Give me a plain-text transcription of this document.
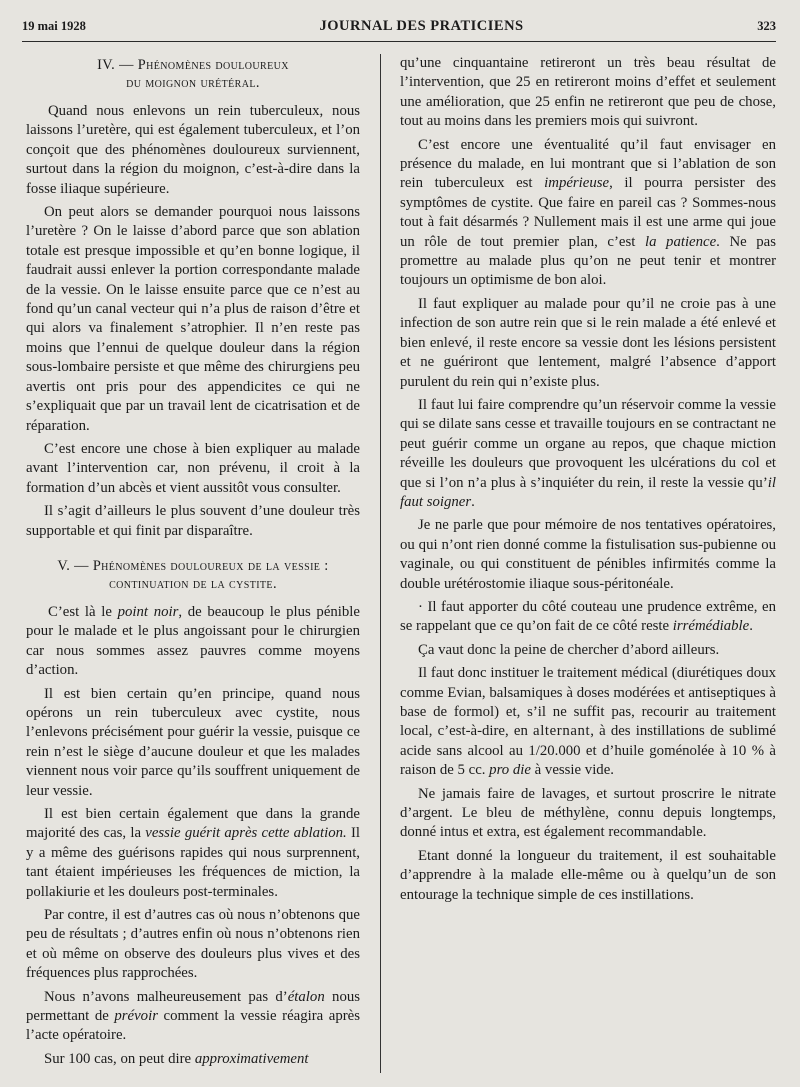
19 mai 1928	JOURNAL DES PRATICIENS	323
IV. — Phénomènes douloureux
du moignon urétéral.

Quand nous enlevons un rein tuberculeux, nous laissons l’uretère, qui est également tuberculeux, et l’on conçoit que des phénomènes douloureux surviennent, surtout dans la région du moignon, c’est-à-dire dans la fosse iliaque supérieure.

On peut alors se demander pourquoi nous laissons l’uretère ? On le laisse d’abord parce que son ablation totale est presque impossible et qu’en bonne logique, il faudrait aussi enlever la portion correspondante malade de la vessie. On le laisse ensuite parce que ce n’est au fond qu’un canal vecteur qui n’a plus de raison d’être et qui alors va finalement s’atrophier. Il n’en reste pas moins que l’ennui de quelque douleur dans la région sous-lombaire persiste et que même des chirurgiens peu avertis ont pris pour des appendicites ce qui ne s’expliquait que par un travail lent de cicatrisation et de réparation.

C’est encore une chose à bien expliquer au malade avant l’intervention car, non prévenu, il croit à la formation d’un abcès et vient aussitôt vous consulter.

Il s’agit d’ailleurs le plus souvent d’une douleur très supportable et qui finit par disparaître.

V. — Phénomènes douloureux de la vessie :
continuation de la cystite.

C’est là le point noir, de beaucoup le plus pénible pour le malade et le plus angoissant pour le chirurgien car nous sommes assez pauvres comme moyens d’action.

Il est bien certain qu’en principe, quand nous opérons un rein tuberculeux avec cystite, nous l’enlevons précisément pour guérir la vessie, puisque ce rein n’est le siège d’aucune douleur et que les malades viennent nous voir parce qu’ils souffrent uniquement de leur vessie.

Il est bien certain également que dans la grande majorité des cas, la vessie guérit après cette ablation. Il y a même des guérisons rapides qui nous surprennent, tant étaient impérieuses les fréquences de miction, la pollakiurie et les douleurs post-terminales.

Par contre, il est d’autres cas où nous n’obtenons que peu de résultats ; d’autres enfin où nous n’obtenons rien et où même on observe des douleurs plus vives et des fréquences plus rapprochées.

Nous n’avons malheureusement pas d’étalon nous permettant de prévoir comment la vessie réagira après l’acte opératoire.

Sur 100 cas, on peut dire approximativement

qu’une cinquantaine retireront un très beau résultat de l’intervention, que 25 en retireront moins d’effet et seulement une amélioration, que 25 enfin ne retireront que peu de chose, tout au moins dans les premiers mois qui suivront.

C’est encore une éventualité qu’il faut envisager en présence du malade, en lui montrant que si l’ablation de son rein tuberculeux est impérieuse, il pourra persister des symptômes de cystite. Que faire en pareil cas ? Sommes-nous tout à fait désarmés ? Nullement mais il est une arme qui joue un rôle de tout premier plan, c’est la patience. Ne pas promettre au malade plus qu’on ne peut tenir et montrer toujours un optimisme de bon aloi.

Il faut expliquer au malade pour qu’il ne croie pas à une infection de son autre rein que si le rein malade a été enlevé et bien enlevé, il reste encore sa vessie dont les lésions persistent et ne guériront que lentement, malgré l’absence d’apport purulent du rein qui n’existe plus.

Il faut lui faire comprendre qu’un réservoir comme la vessie qui se dilate sans cesse et travaille toujours en se contractant ne peut guérir comme un organe au repos, que chaque miction réveille les douleurs que provoquent les ulcérations du col et que si l’on n’a plus à s’inquiéter du rein, il reste la vessie qu’il faut soigner.

Je ne parle que pour mémoire de nos tentatives opératoires, ou qui n’ont rien donné comme la fistulisation sus-pubienne ou vaginale, ou qui constituent de pénibles infirmités comme la double urétérostomie iliaque sous-péritonéale.

· Il faut apporter du côté couteau une prudence extrême, en se rappelant que ce qu’on fait de ce côté reste irrémédiable.

Ça vaut donc la peine de chercher d’abord ailleurs.

Il faut donc instituer le traitement médical (diurétiques doux comme Evian, balsamiques à doses modérées et antiseptiques à base de formol) et, s’il ne suffit pas, recourir au traitement local, c’est-à-dire, en alternant, à des instillations de sublimé acide sans alcool au 1/20.000 et d’huile goménolée à 10 % à raison de 5 cc. pro die à vessie vide.

Ne jamais faire de lavages, et surtout proscrire le nitrate d’argent. Le bleu de méthylène, connu depuis longtemps, donné intus et extra, est également recommandable.

Etant donné la longueur du traitement, il est souhaitable d’apprendre à la malade elle-même ou à quelqu’un de son entourage la technique simple de ces instillations.
